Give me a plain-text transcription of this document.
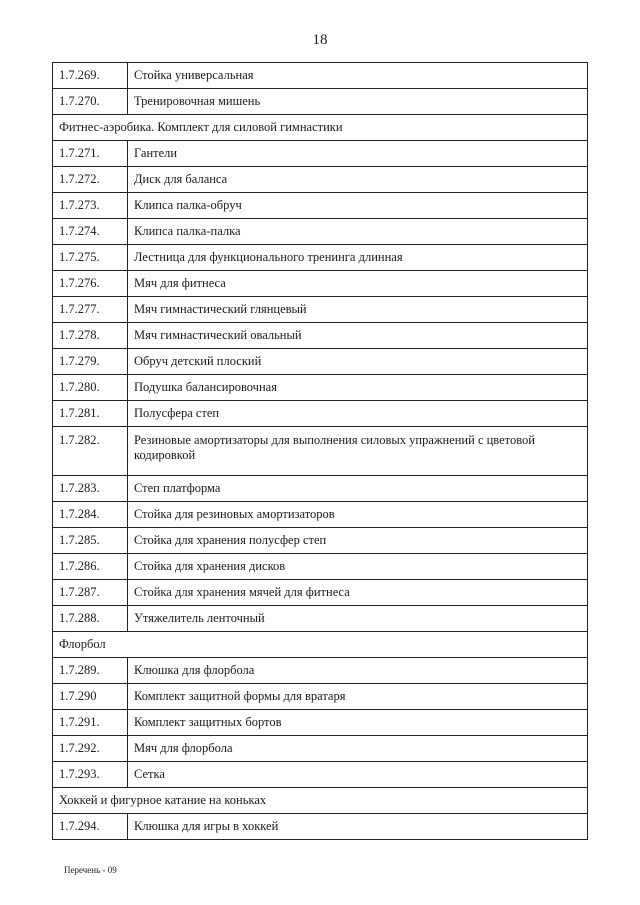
18
1.7.269.	Стойка универсальная
1.7.270.	Тренировочная мишень
Фитнес-аэробика. Комплект для силовой гимнастики	
1.7.271.	Гантели
1.7.272.	Диск для баланса
1.7.273.	Клипса палка-обруч
1.7.274.	Клипса палка-палка
1.7.275.	Лестница для функционального тренинга длинная
1.7.276.	Мяч для фитнеса
1.7.277.	Мяч гимнастический глянцевый
1.7.278.	Мяч гимнастический овальный
1.7.279.	Обруч детский плоский
1.7.280.	Подушка балансировочная
1.7.281.	Полусфера степ
1.7.282.	Резиновые амортизаторы для выполнения силовых упражнений с цветовой кодировкой
1.7.283.	Степ платформа
1.7.284.	Стойка для резиновых амортизаторов
1.7.285.	Стойка для хранения полусфер степ
1.7.286.	Стойка для хранения дисков
1.7.287.	Стойка для хранения мячей для фитнеса
1.7.288.	Утяжелитель ленточный
Флорбол	
1.7.289.	Клюшка для флорбола
1.7.290	Комплект защитной формы для вратаря
1.7.291.	Комплект защитных бортов
1.7.292.	Мяч для флорбола
1.7.293.	Сетка
Хоккей и фигурное катание на коньках	
1.7.294.	Клюшка для игры в хоккей
Перечень - 09
